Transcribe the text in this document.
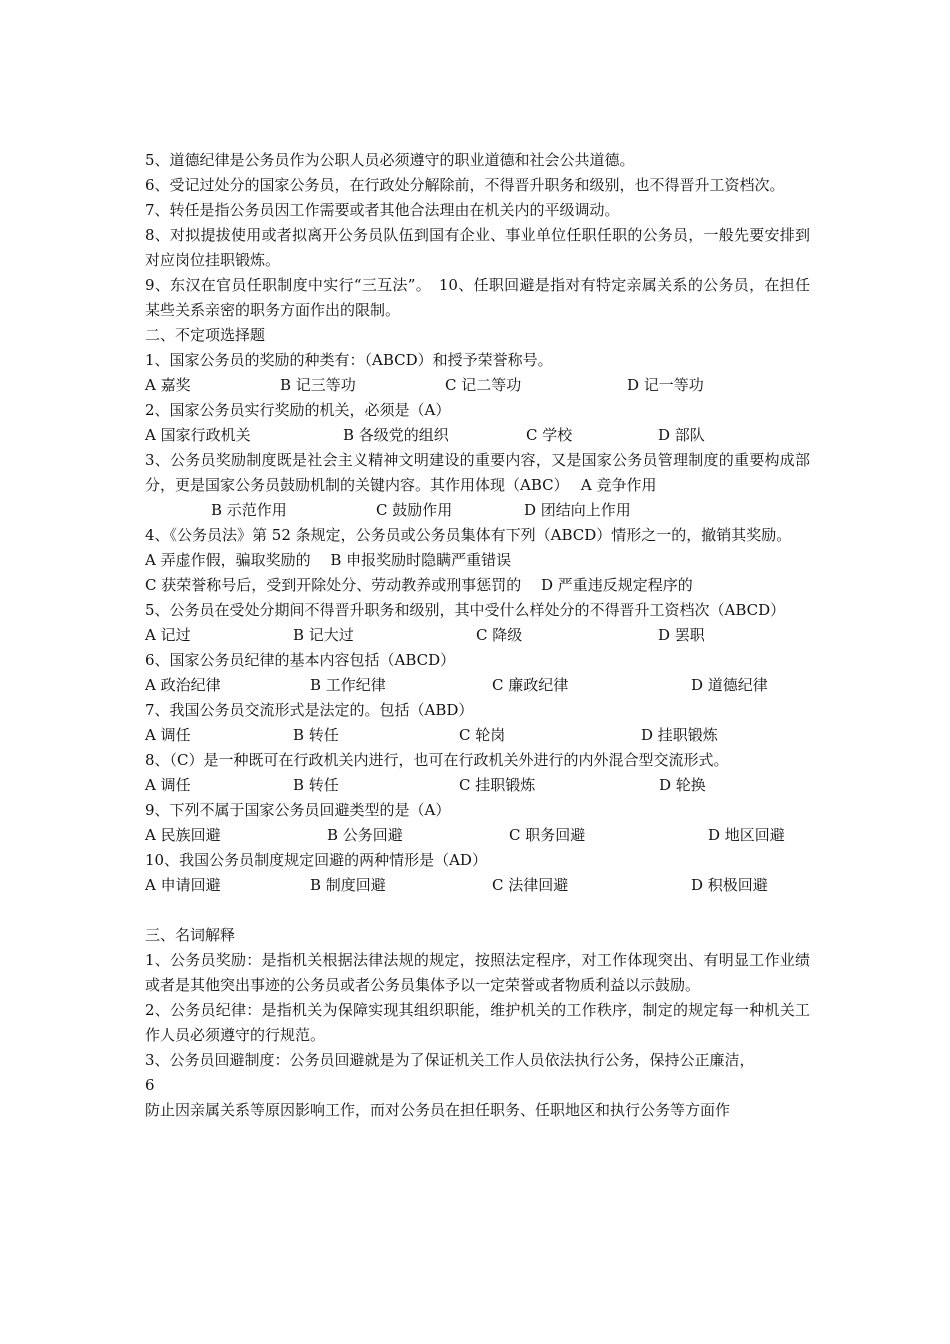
5、道德纪律是公务员作为公职人员必须遵守的职业道德和社会公共道德。
6、受记过处分的国家公务员，在行政处分解除前，不得晋升职务和级别，也不得晋升工资档次。
7、转任是指公务员因工作需要或者其他合法理由在机关内的平级调动。
8、对拟提拔使用或者拟离开公务员队伍到国有企业、事业单位任职任职的公务员，一般先要安排到对应岗位挂职锻炼。
9、东汉在官员任职制度中实行“三互法”。　10、任职回避是指对有特定亲属关系的公务员，在担任某些关系亲密的职务方面作出的限制。
二、不定项选择题
1、国家公务员的奖励的种类有：（ABCD）和授予荣誉称号。
A 嘉奖	B 记三等功	C 记二等功	D 记一等功
2、国家公务员实行奖励的机关，必须是（A）
A 国家行政机关	B 各级党的组织	C 学校	D 部队
3、公务员奖励制度既是社会主义精神文明建设的重要内容，又是国家公务员管理制度的重要构成部分，更是国家公务员鼓励机制的关键内容。其作用体现（ABC）　 A 竞争作用
B 示范作用	C 鼓励作用	D 团结向上作用
4、《公务员法》第 52 条规定，公务员或公务员集体有下列（ABCD）情形之一的，撤销其奖励。
A 弄虚作假，骗取奖励的　 B 申报奖励时隐瞒严重错误
C 获荣誉称号后，受到开除处分、劳动教养或刑事惩罚的　 D 严重违反规定程序的
5、公务员在受处分期间不得晋升职务和级别，其中受什么样处分的不得晋升工资档次（ABCD）
A 记过	B 记大过	C 降级	D 罢职
6、国家公务员纪律的基本内容包括（ABCD）
A 政治纪律	B 工作纪律	C 廉政纪律	D 道德纪律
7、我国公务员交流形式是法定的。包括（ABD）
A 调任	B 转任	C 轮岗	D 挂职锻炼
8、（C）是一种既可在行政机关内进行，也可在行政机关外进行的内外混合型交流形式。
A 调任	B 转任	C 挂职锻炼	D 轮换
9、下列不属于国家公务员回避类型的是（A）
A 民族回避	B 公务回避	C 职务回避	D 地区回避
10、我国公务员制度规定回避的两种情形是（AD）
A 申请回避	B 制度回避	C 法律回避	D 积极回避
三、名词解释
1、公务员奖励：是指机关根据法律法规的规定，按照法定程序，对工作体现突出、有明显工作业绩或者是其他突出事迹的公务员或者公务员集体予以一定荣誉或者物质利益以示鼓励。
2、公务员纪律：是指机关为保障实现其组织职能，维护机关的工作秩序，制定的规定每一种机关工作人员必须遵守的行规范。
3、公务员回避制度：公务员回避就是为了保证机关工作人员依法执行公务，保持公正廉洁，
6
防止因亲属关系等原因影响工作，而对公务员在担任职务、任职地区和执行公务等方面作
